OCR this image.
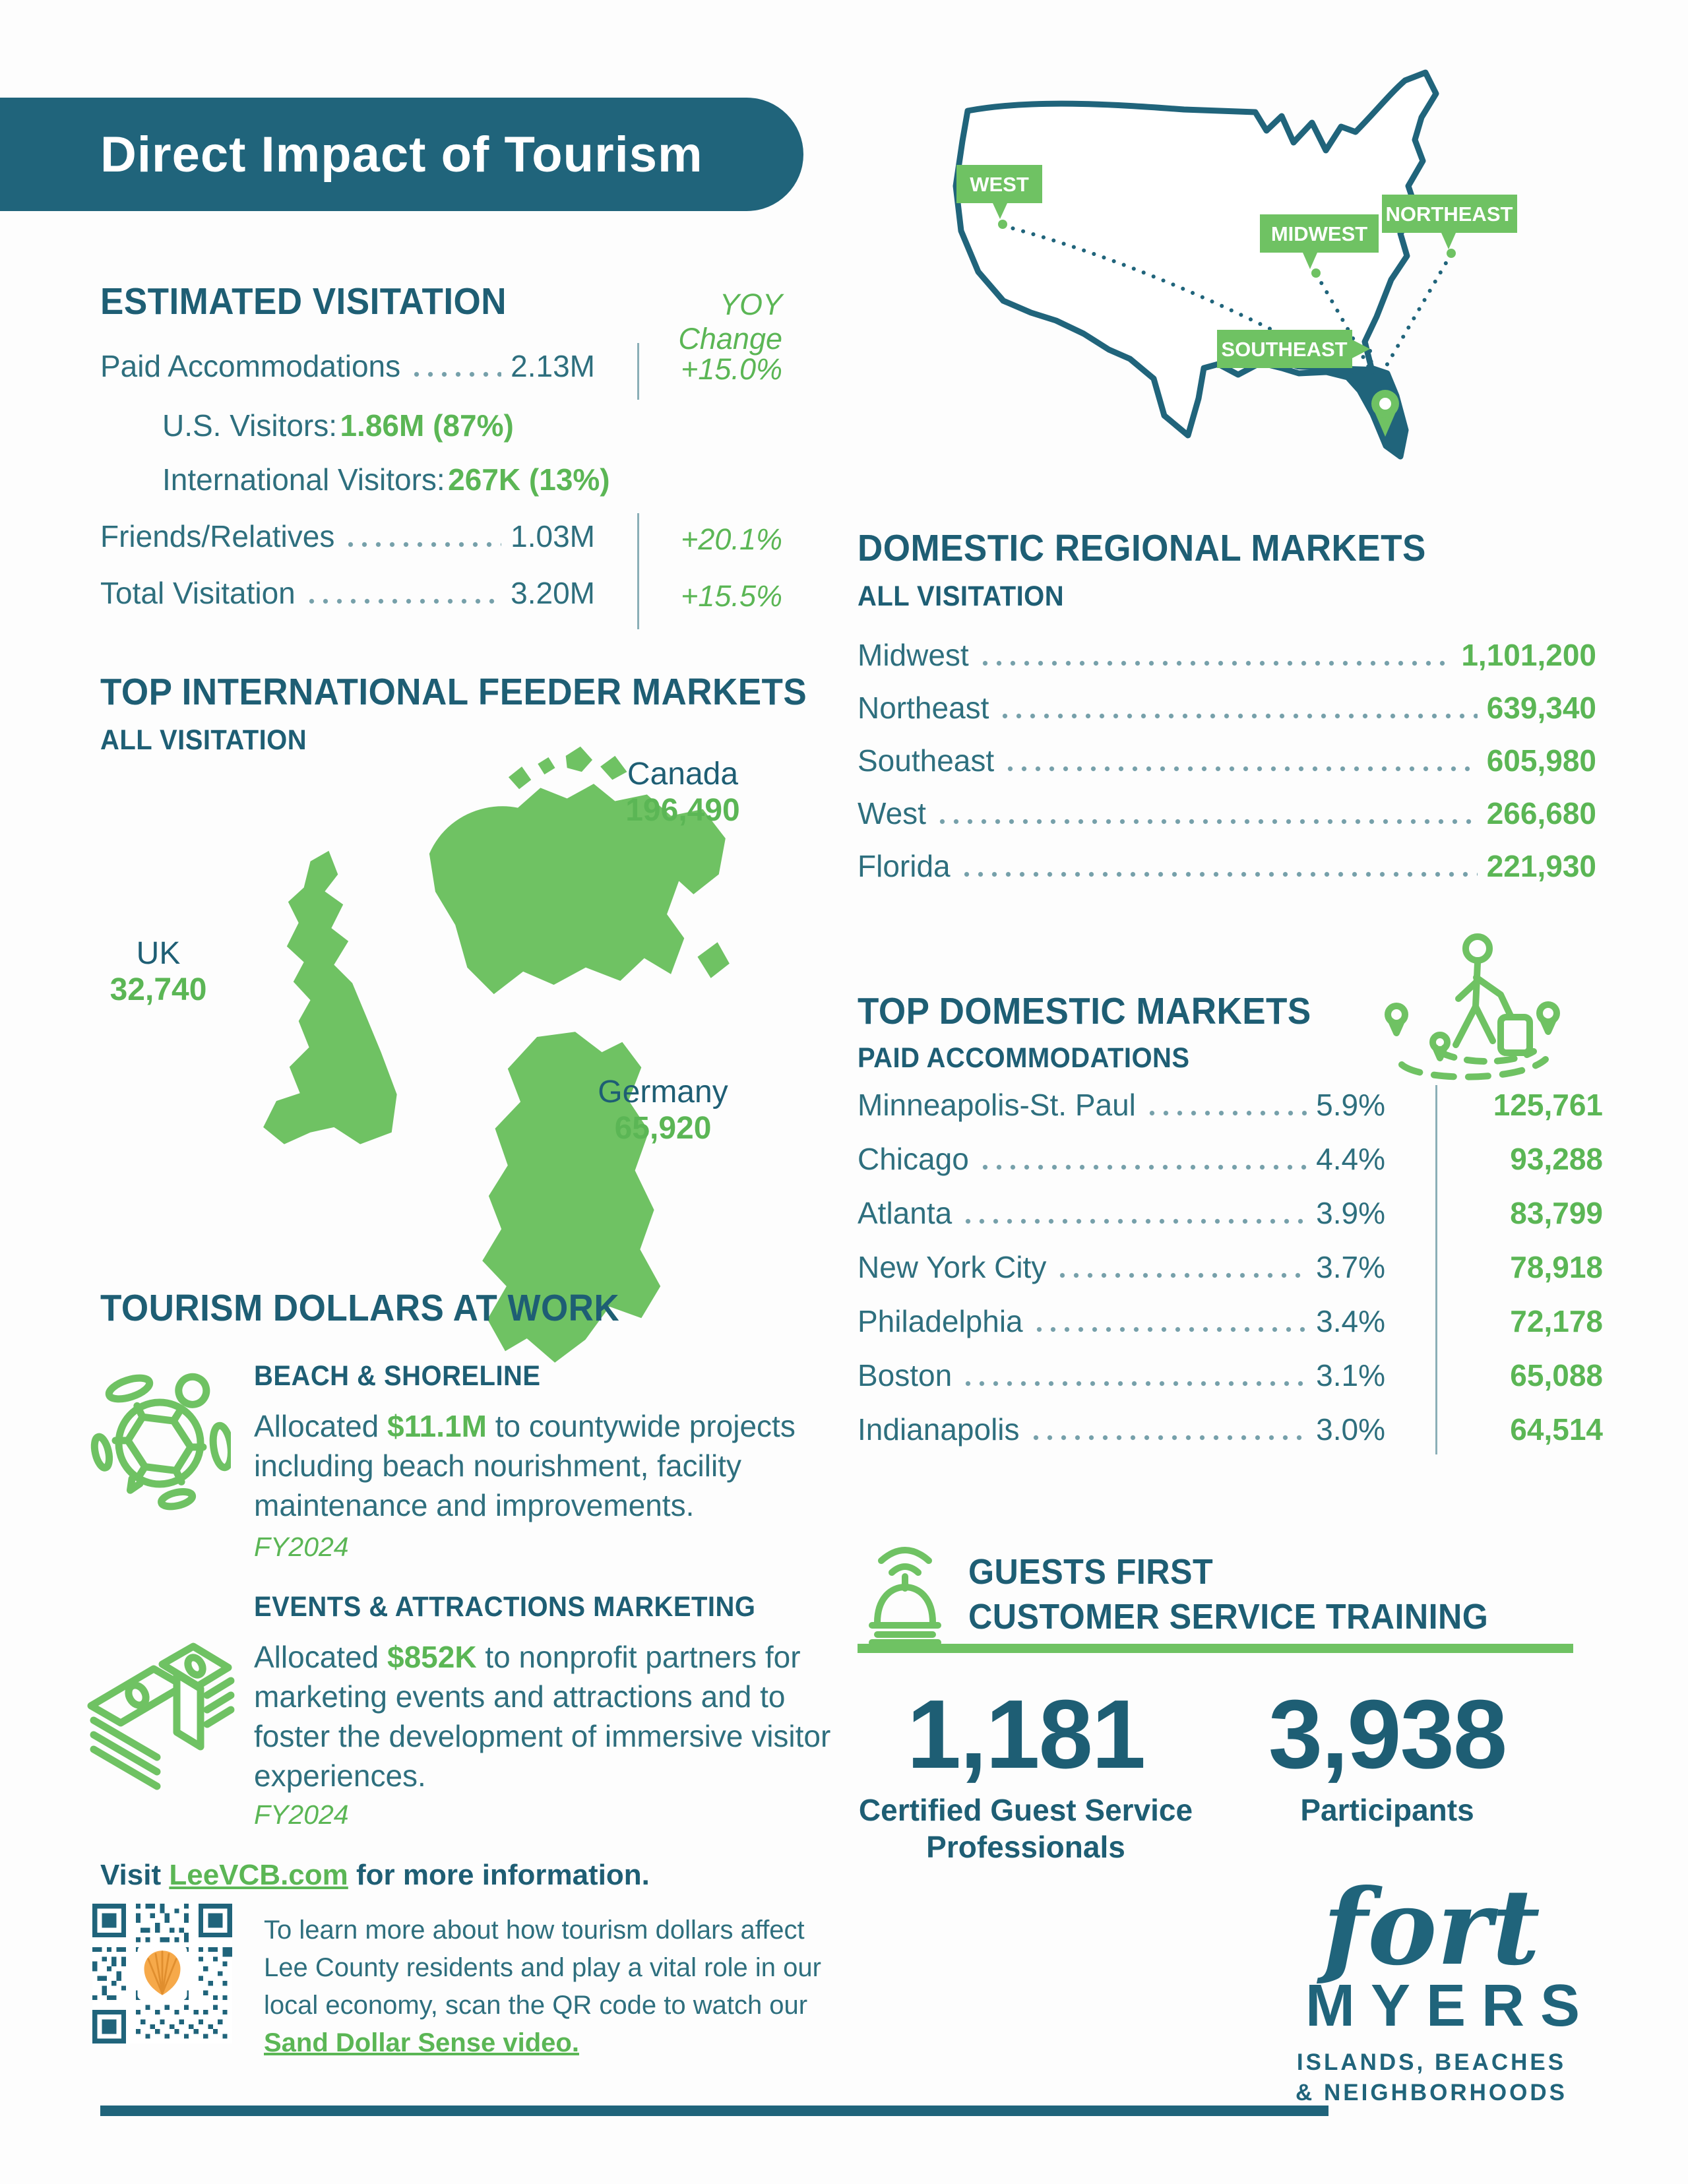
Direct Impact of Tourism
ESTIMATED VISITATION	YOY Change
Paid Accommodations	2.13M	+15.0%
U.S. Visitors: 1.86M (87%)
International Visitors: 267K (13%)
Friends/Relatives	1.03M	+20.1%
Total Visitation	3.20M	+15.5%
WEST
MIDWEST
NORTHEAST
SOUTHEAST
DOMESTIC REGIONAL MARKETS
ALL VISITATION
Midwest	1,101,200
Northeast	639,340
Southeast	605,980
West	266,680
Florida	221,930
TOP INTERNATIONAL FEEDER MARKETS
ALL VISITATION
Canada
196,490
UK
32,740
Germany
65,920
TOP DOMESTIC MARKETS
PAID ACCOMMODATIONS
Minneapolis-St. Paul	5.9%	125,761
Chicago	4.4%	93,288
Atlanta	3.9%	83,799
New York City	3.7%	78,918
Philadelphia	3.4%	72,178
Boston	3.1%	65,088
Indianapolis	3.0%	64,514
TOURISM DOLLARS AT WORK
BEACH & SHORELINE
Allocated $11.1M to countywide projects including beach nourishment, facility maintenance and improvements.
FY2024
EVENTS & ATTRACTIONS MARKETING
Allocated $852K to nonprofit partners for marketing events and attractions and to foster the development of immersive visitor experiences.
FY2024
GUESTS FIRST
CUSTOMER SERVICE TRAINING
1,181
Certified Guest Service Professionals
3,938
Participants
Visit LeeVCB.com for more information.
To learn more about how tourism dollars affect Lee County residents and play a vital role in our local economy, scan the QR code to watch our Sand Dollar Sense video.
fort
MYERS
ISLANDS, BEACHES
& NEIGHBORHOODS
